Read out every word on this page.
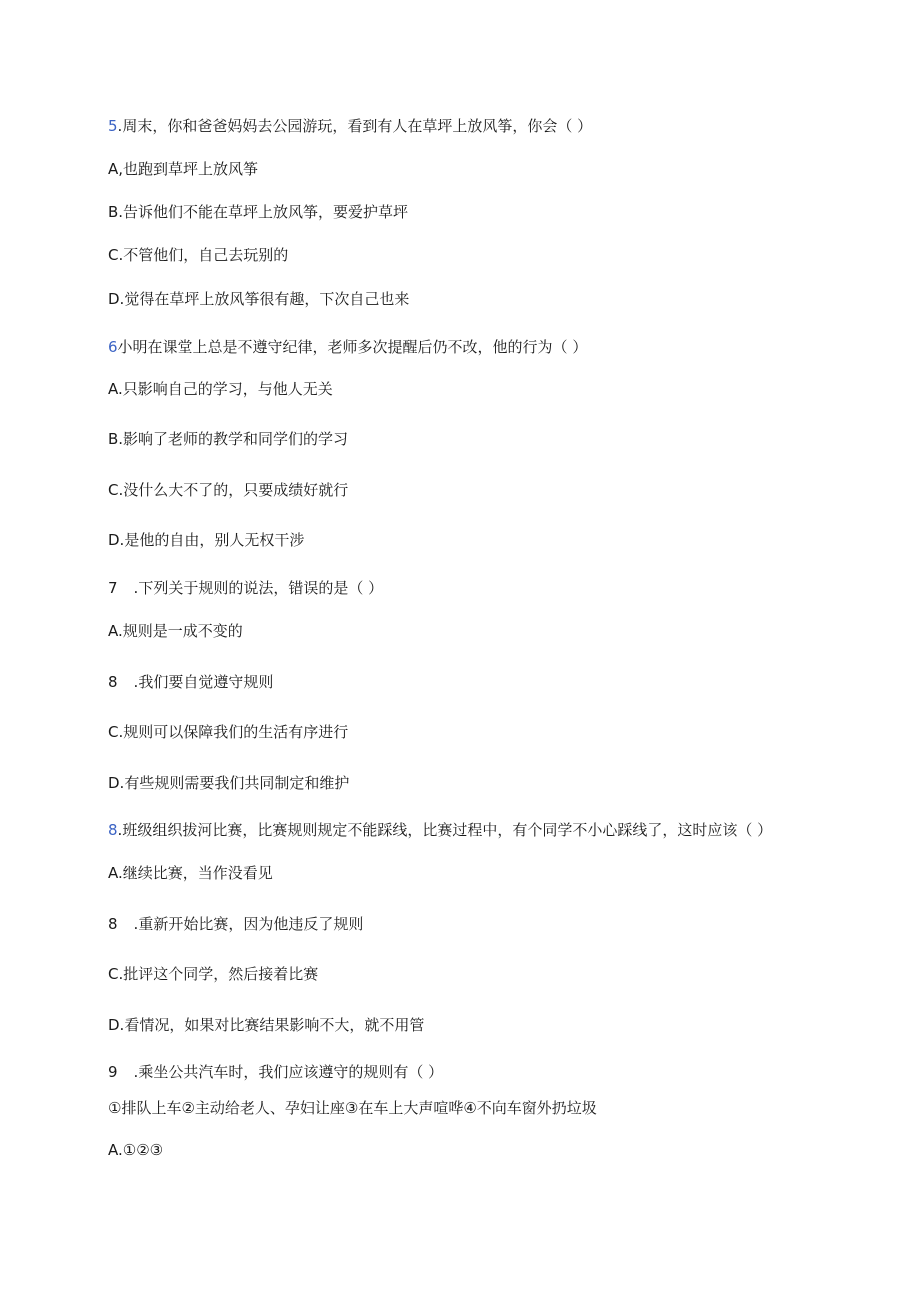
5.周末，你和爸爸妈妈去公园游玩，看到有人在草坪上放风筝，你会（ ）
A,也跑到草坪上放风筝
B.告诉他们不能在草坪上放风筝，要爱护草坪
C.不管他们，自己去玩别的
D.觉得在草坪上放风筝很有趣，下次自己也来
6小明在课堂上总是不遵守纪律，老师多次提醒后仍不改，他的行为（ ）
A.只影响自己的学习，与他人无关
B.影响了老师的教学和同学们的学习
C.没什么大不了的，只要成绩好就行
D.是他的自由，别人无权干涉
7 .下列关于规则的说法，错误的是（ ）
A.规则是一成不变的
8 .我们要自觉遵守规则
C.规则可以保障我们的生活有序进行
D.有些规则需要我们共同制定和维护
8.班级组织拔河比赛，比赛规则规定不能踩线，比赛过程中，有个同学不小心踩线了，这时应该（ ）
A.继续比赛，当作没看见
8 .重新开始比赛，因为他违反了规则
C.批评这个同学，然后接着比赛
D.看情况，如果对比赛结果影响不大，就不用管
9 .乘坐公共汽车时，我们应该遵守的规则有（ ）
①排队上车②主动给老人、孕妇让座③在车上大声喧哗④不向车窗外扔垃圾
A.①②③
